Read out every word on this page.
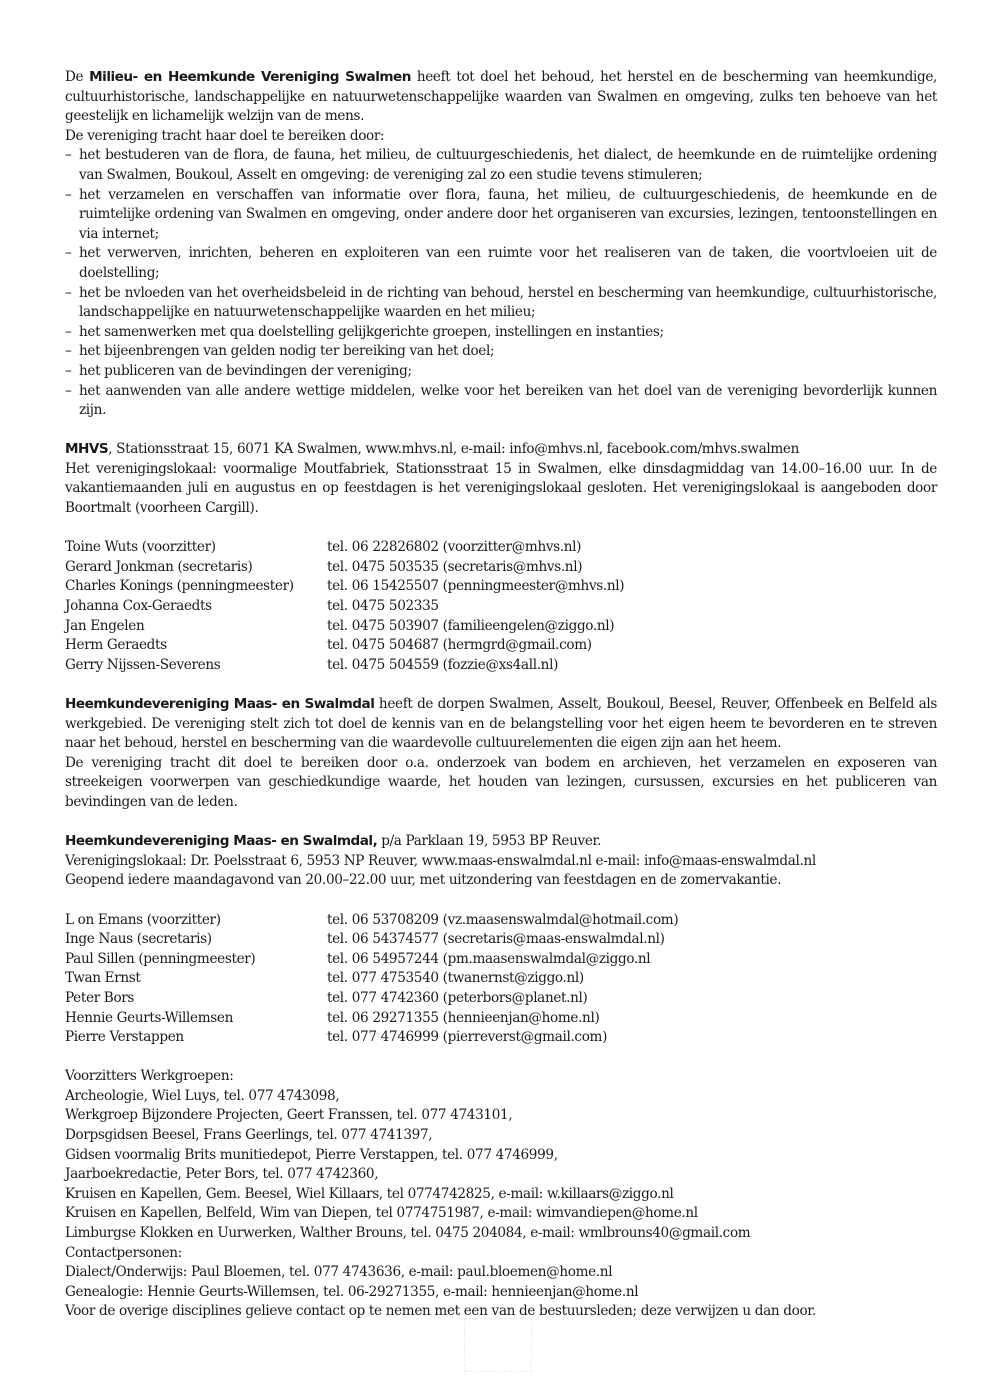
De Milieu- en Heemkunde Vereniging Swalmen heeft tot doel het behoud, het herstel en de bescherming van heemkundige, cultuurhistorische, landschappelijke en natuurwetenschappelijke waarden van Swalmen en omgeving, zulks ten behoeve van het geestelijk en lichamelijk welzijn van de mens.

De vereniging tracht haar doel te bereiken door:

– het bestuderen van de flora, de fauna, het milieu, de cultuurgeschiedenis, het dialect, de heemkunde en de ruimtelijke ordening van Swalmen, Boukoul, Asselt en omgeving: de vereniging zal zo een studie tevens stimuleren;
– het verzamelen en verschaffen van informatie over flora, fauna, het milieu, de cultuurgeschiedenis, de heemkunde en de ruimtelijke ordening van Swalmen en omgeving, onder andere door het organiseren van excursies, lezingen, tentoonstellingen en via internet;
– het verwerven, inrichten, beheren en exploiteren van een ruimte voor het realiseren van de taken, die voortvloeien uit de doelstelling;
– het be nvloeden van het overheidsbeleid in de richting van behoud, herstel en bescherming van heemkundige, cultuurhistorische, landschappelijke en natuurwetenschappelijke waarden en het milieu;
– het samenwerken met qua doelstelling gelijkgerichte groepen, instellingen en instanties;
– het bijeenbrengen van gelden nodig ter bereiking van het doel;
– het publiceren van de bevindingen der vereniging;
– het aanwenden van alle andere wettige middelen, welke voor het bereiken van het doel van de vereniging bevorderlijk kunnen zijn.

MHVS, Stationsstraat 15, 6071 KA Swalmen, www.mhvs.nl, e-mail: info@mhvs.nl, facebook.com/mhvs.swalmen

Het verenigingslokaal: voormalige Moutfabriek, Stationsstraat 15 in Swalmen, elke dinsdagmiddag van 14.00–16.00 uur. In de vakantiemaanden juli en augustus en op feestdagen is het verenigingslokaal gesloten. Het verenigingslokaal is aangeboden door Boortmalt (voorheen Cargill).

Toine Wuts (voorzitter)	tel. 06 22826802 (voorzitter@mhvs.nl)
Gerard Jonkman (secretaris)	tel. 0475 503535 (secretaris@mhvs.nl)
Charles Konings (penningmeester)	tel. 06 15425507 (penningmeester@mhvs.nl)
Johanna Cox-Geraedts	tel. 0475 502335
Jan Engelen	tel. 0475 503907 (familieengelen@ziggo.nl)
Herm Geraedts	tel. 0475 504687 (hermgrd@gmail.com)
Gerry Nijssen-Severens	tel. 0475 504559 (fozzie@xs4all.nl)

Heemkundevereniging Maas- en Swalmdal heeft de dorpen Swalmen, Asselt, Boukoul, Beesel, Reuver, Offenbeek en Belfeld als werkgebied. De vereniging stelt zich tot doel de kennis van en de belangstelling voor het eigen heem te bevorderen en te streven naar het behoud, herstel en bescherming van die waardevolle cultuurelementen die eigen zijn aan het heem.

De vereniging tracht dit doel te bereiken door o.a. onderzoek van bodem en archieven, het verzamelen en exposeren van streekeigen voorwerpen van geschiedkundige waarde, het houden van lezingen, cursussen, excursies en het publiceren van bevindingen van de leden.

Heemkundevereniging Maas- en Swalmdal, p/a Parklaan 19, 5953 BP Reuver.

Verenigingslokaal: Dr. Poelsstraat 6, 5953 NP Reuver, www.maas-enswalmdal.nl e-mail: info@maas-enswalmdal.nl

Geopend iedere maandagavond van 20.00–22.00 uur, met uitzondering van feestdagen en de zomervakantie.

L on Emans (voorzitter)	tel. 06 53708209 (vz.maasenswalmdal@hotmail.com)
Inge Naus (secretaris)	tel. 06 54374577 (secretaris@maas-enswalmdal.nl)
Paul Sillen (penningmeester)	tel. 06 54957244 (pm.maasenswalmdal@ziggo.nl
Twan Ernst	tel. 077 4753540 (twanernst@ziggo.nl)
Peter Bors	tel. 077 4742360 (peterbors@planet.nl)
Hennie Geurts-Willemsen	tel. 06 29271355 (hennieenjan@home.nl)
Pierre Verstappen	tel. 077 4746999 (pierreverst@gmail.com)

Voorzitters Werkgroepen:

Archeologie, Wiel Luys, tel. 077 4743098,

Werkgroep Bijzondere Projecten, Geert Franssen, tel. 077 4743101,

Dorpsgidsen Beesel, Frans Geerlings, tel. 077 4741397,

Gidsen voormalig Brits munitiedepot, Pierre Verstappen, tel. 077 4746999,

Jaarboekredactie, Peter Bors, tel. 077 4742360,

Kruisen en Kapellen, Gem. Beesel, Wiel Killaars, tel 0774742825, e-mail: w.killaars@ziggo.nl

Kruisen en Kapellen, Belfeld, Wim van Diepen, tel 0774751987, e-mail: wimvandiepen@home.nl

Limburgse Klokken en Uurwerken, Walther Brouns, tel. 0475 204084, e-mail: wmlbrouns40@gmail.com

Contactpersonen:

Dialect/Onderwijs: Paul Bloemen, tel. 077 4743636, e-mail: paul.bloemen@home.nl

Genealogie: Hennie Geurts-Willemsen, tel. 06-29271355, e-mail: hennieenjan@home.nl

Voor de overige disciplines gelieve contact op te nemen met een van de bestuursleden; deze verwijzen u dan door.
